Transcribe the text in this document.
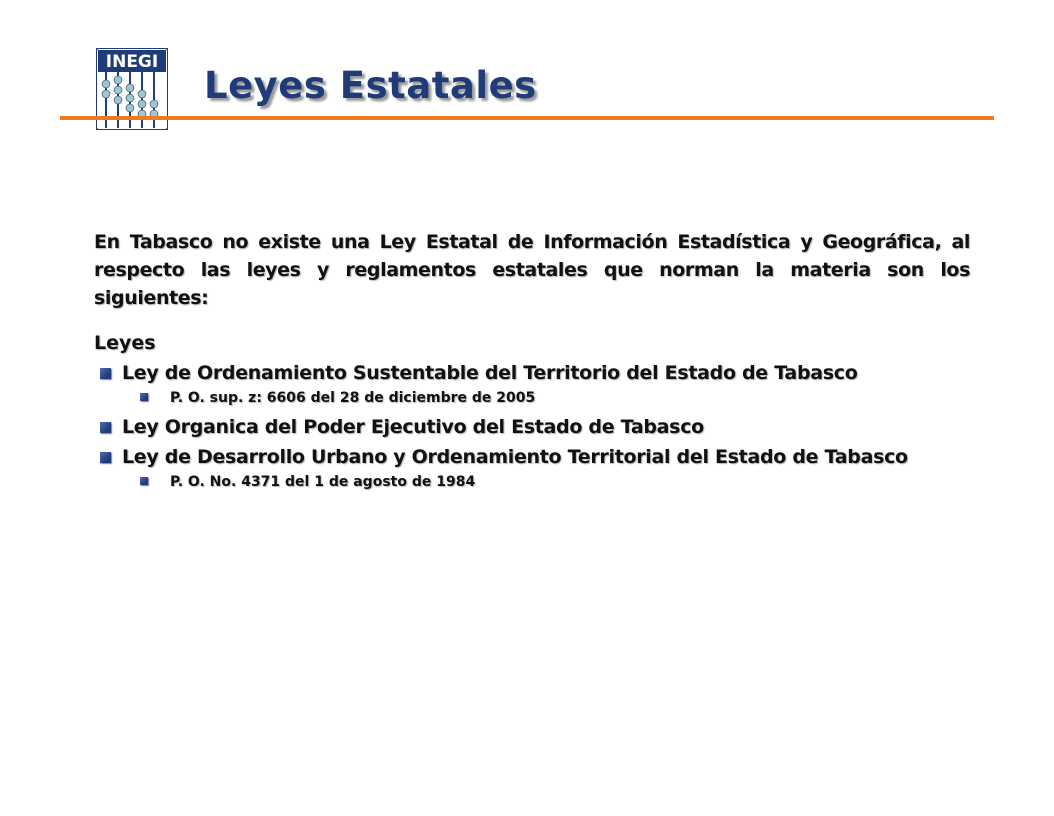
INEGI
Leyes Estatales

En Tabasco no existe una Ley Estatal de Información Estadística y Geográfica, al respecto las leyes y reglamentos estatales que norman la materia son los siguientes:

Leyes
Ley de Ordenamiento Sustentable del Territorio del Estado de Tabasco
P. O. sup. z: 6606 del 28 de diciembre de 2005
Ley Organica del Poder Ejecutivo del Estado de Tabasco
Ley de Desarrollo Urbano y Ordenamiento Territorial del Estado de Tabasco
P. O. No. 4371 del 1 de agosto de 1984
